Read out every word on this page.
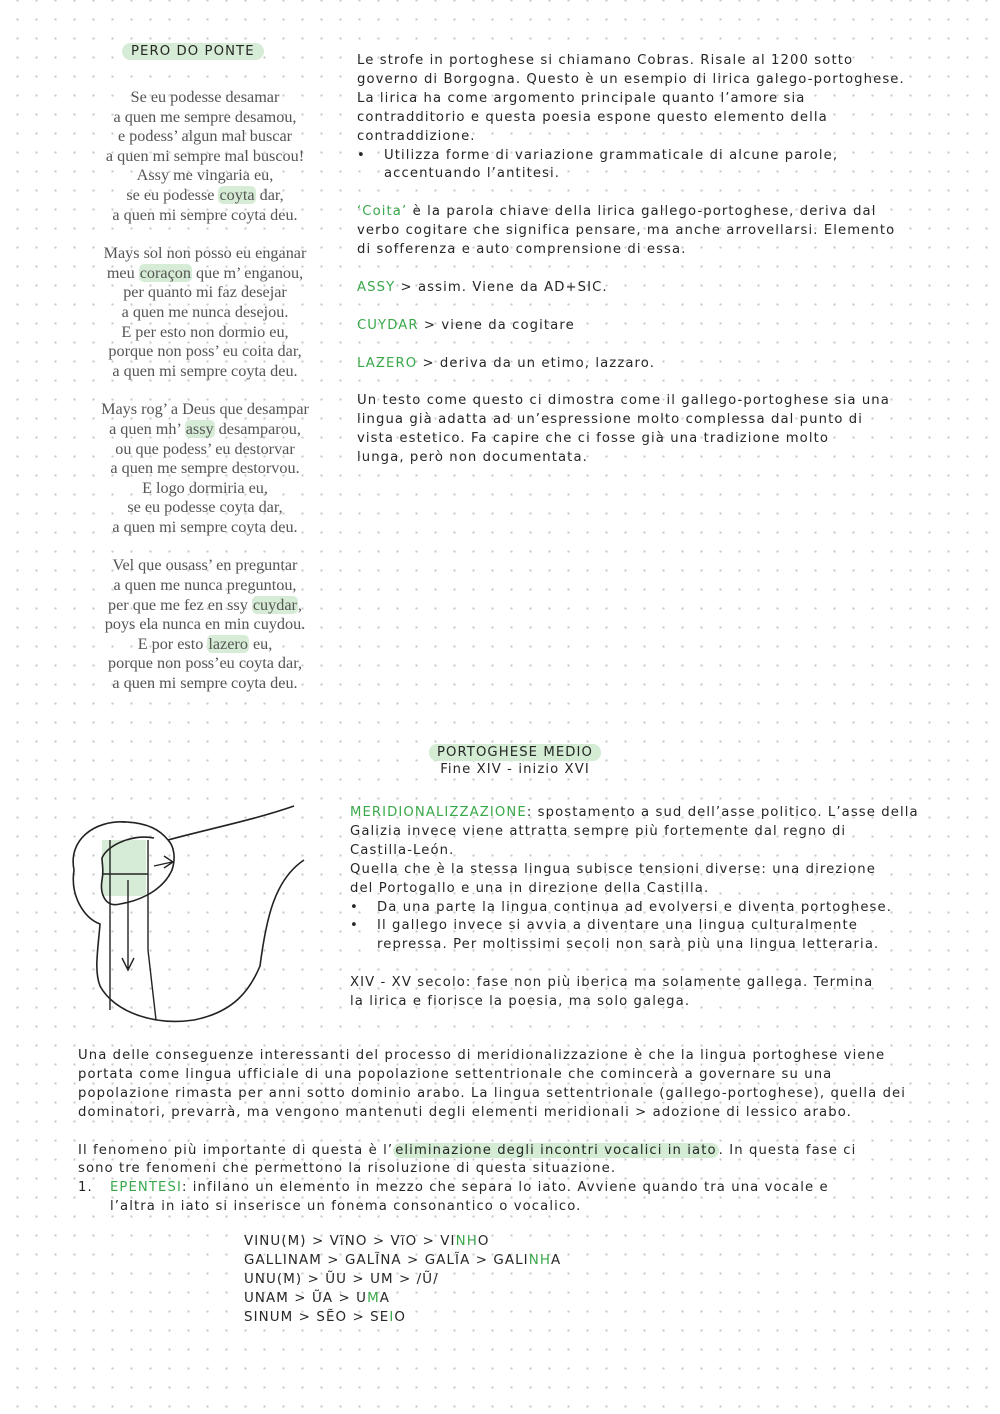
PERO DO PONTE
Se eu podesse desamar
a quen me sempre desamou,
e podess’ algun mal buscar
a quen mi sempre mal buscou!
Assy me vingaria eu,
se eu podesse coyta dar,
a quen mi sempre coyta deu.
Mays sol non posso eu enganar
meu coraçon que m’ enganou,
per quanto mi faz desejar
a quen me nunca desejou.
E per esto non dormio eu,
porque non poss’ eu coita dar,
a quen mi sempre coyta deu.
Mays rog’ a Deus que desampar
a quen mh’ assy desamparou,
ou que podess’ eu destorvar
a quen me sempre destorvou.
E logo dormiria eu,
se eu podesse coyta dar,
a quen mi sempre coyta deu.
Vel que ousass’ en preguntar
a quen me nunca preguntou,
per que me fez en ssy cuydar,
poys ela nunca en min cuydou.
E por esto lazero eu,
porque non poss’eu coyta dar,
a quen mi sempre coyta deu.
Le strofe in portoghese si chiamano Cobras. Risale al 1200 sotto
governo di Borgogna. Questo è un esempio di lirica galego-portoghese.
La lirica ha come argomento principale quanto l’amore sia
contradditorio e questa poesia espone questo elemento della
contraddizione.
• Utilizza forme di variazione grammaticale di alcune parole,
accentuando l’antitesi.
‘Coita’ è la parola chiave della lirica gallego-portoghese, deriva dal
verbo cogitare che significa pensare, ma anche arrovellarsi. Elemento
di sofferenza e auto comprensione di essa.
ASSY > assim. Viene da AD+SIC.
CUYDAR > viene da cogitare
LAZERO > deriva da un etimo, lazzaro.
Un testo come questo ci dimostra come il gallego-portoghese sia una
lingua già adatta ad un’espressione molto complessa dal punto di
vista estetico. Fa capire che ci fosse già una tradizione molto
lunga, però non documentata.
PORTOGHESE MEDIO
Fine XIV - inizio XVI
MERIDIONALIZZAZIONE: spostamento a sud dell’asse politico. L’asse della
Galizia invece viene attratta sempre più fortemente dal regno di
Castilla-León.
Quella che è la stessa lingua subisce tensioni diverse: una direzione
del Portogallo e una in direzione della Castilla.
• Da una parte la lingua continua ad evolversi e diventa portoghese.
• Il gallego invece si avvia a diventare una lingua culturalmente
repressa. Per moltissimi secoli non sarà più una lingua letteraria.
XIV - XV secolo: fase non più iberica ma solamente gallega. Termina
la lirica e fiorisce la poesia, ma solo galega.
Una delle conseguenze interessanti del processo di meridionalizzazione è che la lingua portoghese viene
portata come lingua ufficiale di una popolazione settentrionale che comincerà a governare su una
popolazione rimasta per anni sotto dominio arabo. La lingua settentrionale (gallego-portoghese), quella dei
dominatori, prevarrà, ma vengono mantenuti degli elementi meridionali > adozione di lessico arabo.
Il fenomeno più importante di questa è l’ eliminazione degli incontri vocalici in iato . In questa fase ci
sono tre fenomeni che permettono la risoluzione di questa situazione.
1. EPENTESI: infilano un elemento in mezzo che separa lo iato. Avviene quando tra una vocale e
l’altra in iato si inserisce un fonema consonantico o vocalico.
VINU(M) > VĩNO > VĩO > VINHO
GALLINAM > GALĨNA > GALĨA > GALINHA
UNU(M) > ŨU > UM > /Ũ/
UNAM > ŨA > UMA
SINUM > SẼO > SEIO
